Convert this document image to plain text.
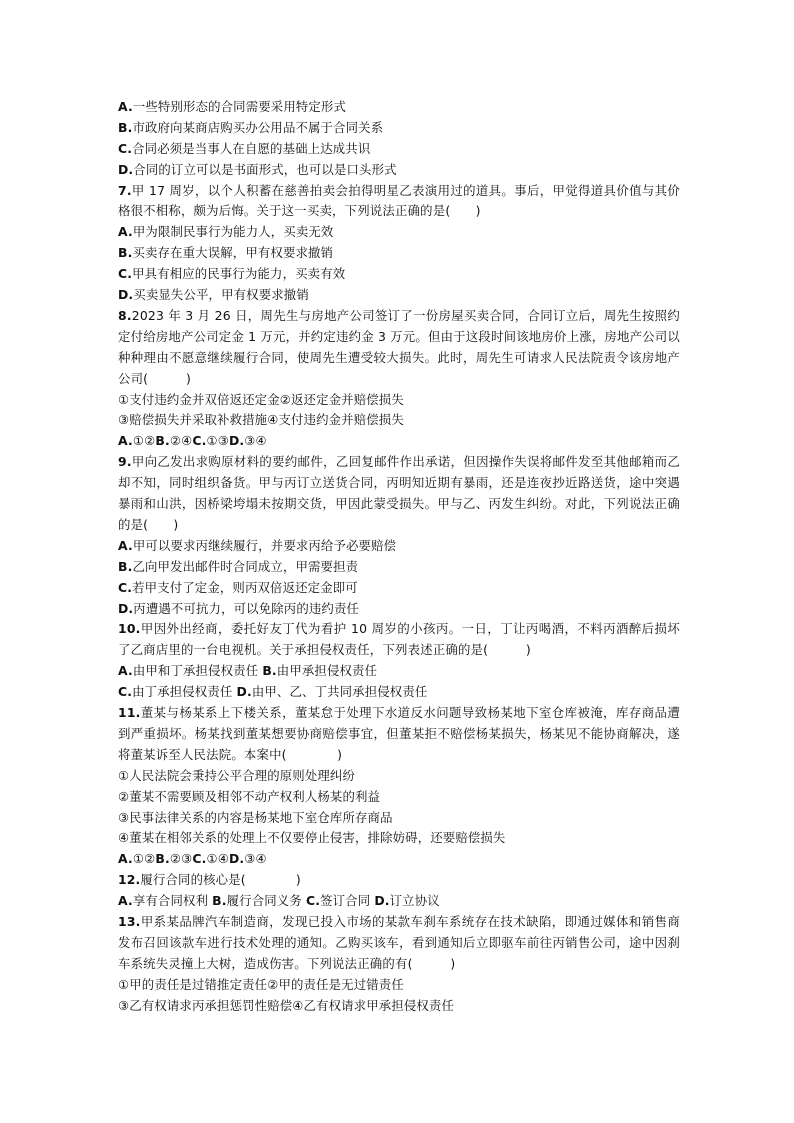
A.一些特别形态的合同需要采用特定形式
B.市政府向某商店购买办公用品不属于合同关系
C.合同必须是当事人在自愿的基础上达成共识
D.合同的订立可以是书面形式，也可以是口头形式
7.甲 17 周岁，以个人积蓄在慈善拍卖会拍得明星乙表演用过的道具。事后，甲觉得道具价值与其价格很不相称，颇为后悔。关于这一买卖，下列说法正确的是(　　)
A.甲为限制民事行为能力人，买卖无效
B.买卖存在重大误解，甲有权要求撤销
C.甲具有相应的民事行为能力，买卖有效
D.买卖显失公平，甲有权要求撤销
8.2023 年 3 月 26 日，周先生与房地产公司签订了一份房屋买卖合同，合同订立后，周先生按照约定付给房地产公司定金 1 万元，并约定违约金 3 万元。但由于这段时间该地房价上涨，房地产公司以种种理由不愿意继续履行合同，使周先生遭受较大损失。此时，周先生可请求人民法院责令该房地产公司(　　　)
①支付违约金并双倍返还定金②返还定金并赔偿损失
③赔偿损失并采取补救措施④支付违约金并赔偿损失
A.①②B.②④C.①③D.③④
9.甲向乙发出求购原材料的要约邮件，乙回复邮件作出承诺，但因操作失误将邮件发至其他邮箱而乙却不知，同时组织备货。甲与丙订立送货合同，丙明知近期有暴雨，还是连夜抄近路送货，途中突遇暴雨和山洪，因桥梁垮塌未按期交货，甲因此蒙受损失。甲与乙、丙发生纠纷。对此，下列说法正确的是(　　)
A.甲可以要求丙继续履行，并要求丙给予必要赔偿
B.乙向甲发出邮件时合同成立，甲需要担责
C.若甲支付了定金，则丙双倍返还定金即可
D.丙遭遇不可抗力，可以免除丙的违约责任
10.甲因外出经商，委托好友丁代为看护 10 周岁的小孩丙。一日，丁让丙喝酒，不料丙酒醉后损坏了乙商店里的一台电视机。关于承担侵权责任，下列表述正确的是(　　　)
A.由甲和丁承担侵权责任 B.由甲承担侵权责任
C.由丁承担侵权责任 D.由甲、乙、丁共同承担侵权责任
11.董某与杨某系上下楼关系，董某怠于处理下水道反水问题导致杨某地下室仓库被淹，库存商品遭到严重损坏。杨某找到董某想要协商赔偿事宜，但董某拒不赔偿杨某损失，杨某见不能协商解决，遂将董某诉至人民法院。本案中(　　　　)
①人民法院会秉持公平合理的原则处理纠纷
②董某不需要顾及相邻不动产权利人杨某的利益
③民事法律关系的内容是杨某地下室仓库所存商品
④董某在相邻关系的处理上不仅要停止侵害，排除妨碍，还要赔偿损失
A.①②B.②③C.①④D.③④
12.履行合同的核心是(　　　　)
A.享有合同权利 B.履行合同义务 C.签订合同 D.订立协议
13.甲系某品牌汽车制造商，发现已投入市场的某款车刹车系统存在技术缺陷，即通过媒体和销售商发布召回该款车进行技术处理的通知。乙购买该车，看到通知后立即驱车前往丙销售公司，途中因刹车系统失灵撞上大树，造成伤害。下列说法正确的有(　　　)
①甲的责任是过错推定责任②甲的责任是无过错责任
③乙有权请求丙承担惩罚性赔偿④乙有权请求甲承担侵权责任
